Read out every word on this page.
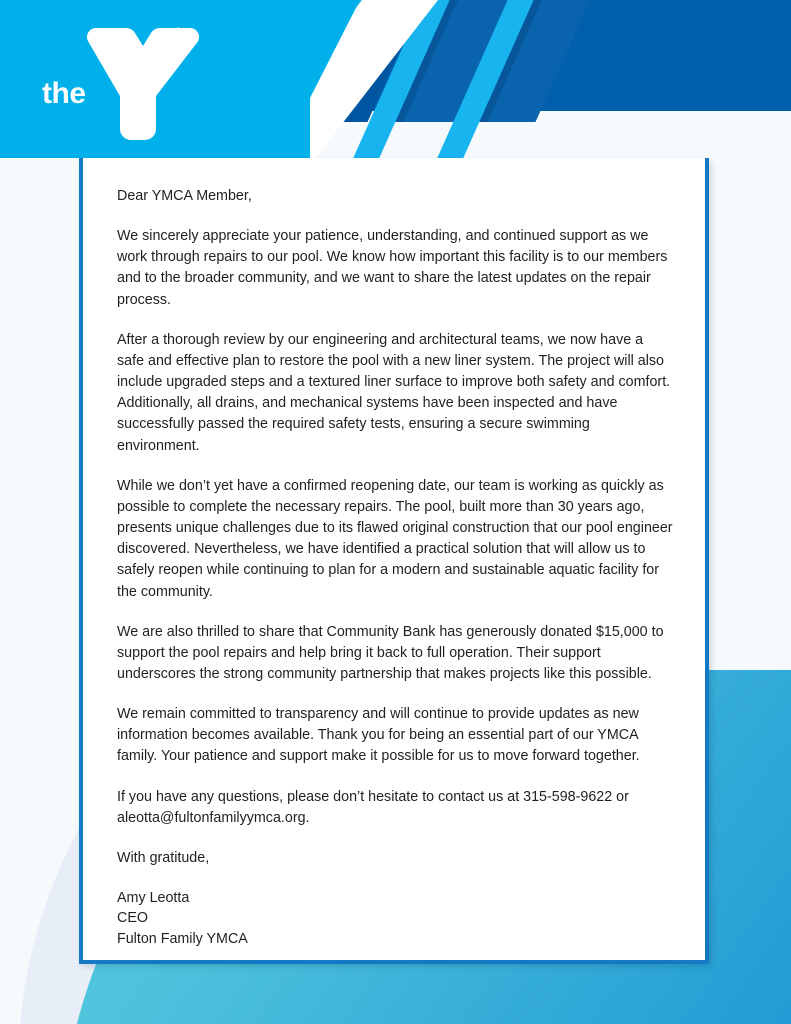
the
®
YMCA

Dear YMCA Member,

We sincerely appreciate your patience, understanding, and continued support as we work through repairs to our pool. We know how important this facility is to our members and to the broader community, and we want to share the latest updates on the repair process.

After a thorough review by our engineering and architectural teams, we now have a safe and effective plan to restore the pool with a new liner system. The project will also include upgraded steps and a textured liner surface to improve both safety and comfort. Additionally, all drains, and mechanical systems have been inspected and have successfully passed the required safety tests, ensuring a secure swimming environment.

While we don’t yet have a confirmed reopening date, our team is working as quickly as possible to complete the necessary repairs. The pool, built more than 30 years ago, presents unique challenges due to its flawed original construction that our pool engineer discovered. Nevertheless, we have identified a practical solution that will allow us to safely reopen while continuing to plan for a modern and sustainable aquatic facility for the community.

We are also thrilled to share that Community Bank has generously donated $15,000 to support the pool repairs and help bring it back to full operation. Their support underscores the strong community partnership that makes projects like this possible.

We remain committed to transparency and will continue to provide updates as new information becomes available. Thank you for being an essential part of our YMCA family. Your patience and support make it possible for us to move forward together.

If you have any questions, please don’t hesitate to contact us at 315-598-9622 or aleotta@fultonfamilyymca.org.

With gratitude,

Amy Leotta
CEO
Fulton Family YMCA
